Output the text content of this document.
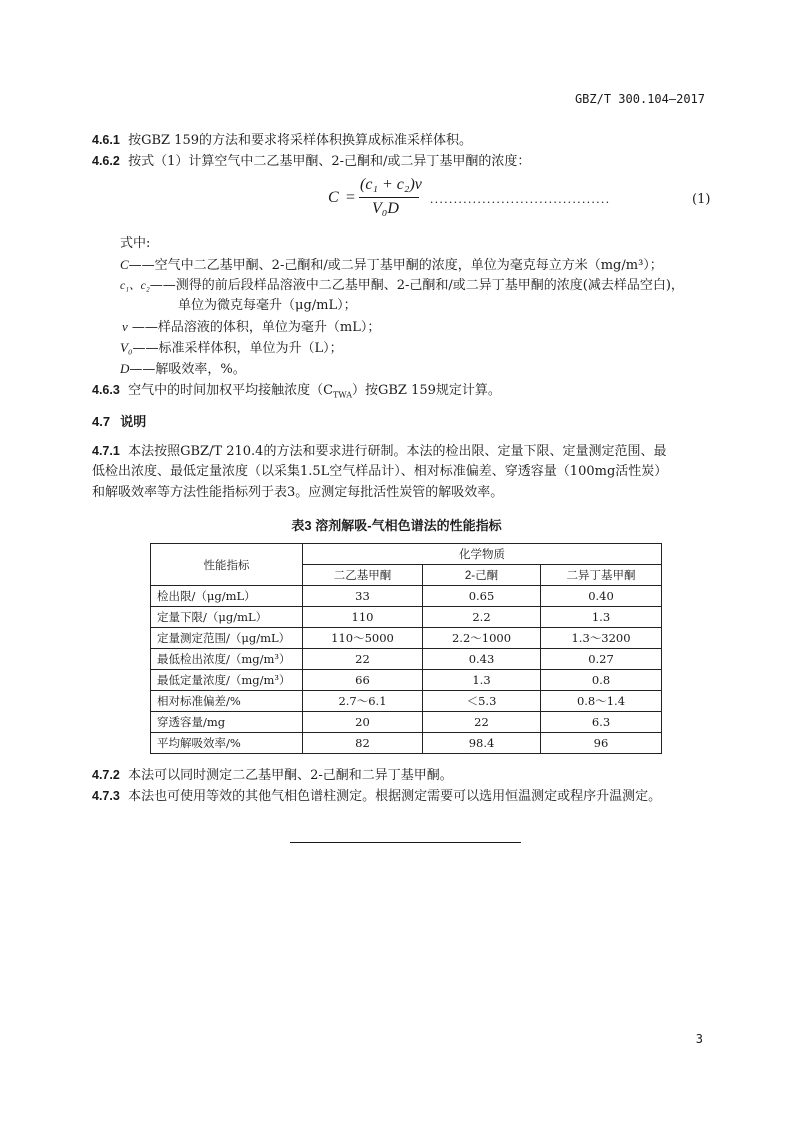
GBZ/T 300.104—2017
4.6.1 按GBZ 159的方法和要求将采样体积换算成标准采样体积。
4.6.2 按式（1）计算空气中二乙基甲酮、2-己酮和/或二异丁基甲酮的浓度：
C =
(c₁ + c₂)v
V₀D
......................................	(1)
式中:
C——空气中二乙基甲酮、2-己酮和/或二异丁基甲酮的浓度，单位为毫克每立方米（mg/m³）；
c₁、c₂——测得的前后段样品溶液中二乙基甲酮、2-己酮和/或二异丁基甲酮的浓度(减去样品空白)，
单位为微克每毫升（μg/mL）；
v ——样品溶液的体积，单位为毫升（mL）；
V₀——标准采样体积，单位为升（L）；
D——解吸效率，%。
4.6.3 空气中的时间加权平均接触浓度$(C_{TWA})$按GBZ 159规定计算。
4.7 说明
4.7.1 本法按照GBZ/T 210.4的方法和要求进行研制。本法的检出限、定量下限、定量测定范围、最
低检出浓度、最低定量浓度（以采集1.5L空气样品计）、相对标准偏差、穿透容量（100mg活性炭）
和解吸效率等方法性能指标列于表3。应测定每批活性炭管的解吸效率。
表3 溶剂解吸-气相色谱法的性能指标
性能指标	化学物质		
	二乙基甲酮	2-己酮	二异丁基甲酮
检出限/（μg/mL）	33	0.65	0.40
定量下限/（μg/mL）	110	2.2	1.3
定量测定范围/（μg/mL）	110～5000	2.2～1000	1.3～3200
最低检出浓度/（mg/m³）	22	0.43	0.27
最低定量浓度/（mg/m³）	66	1.3	0.8
相对标准偏差/%	2.7～6.1	＜5.3	0.8～1.4
穿透容量/mg	20	22	6.3
平均解吸效率/%	82	98.4	96
4.7.2 本法可以同时测定二乙基甲酮、2-己酮和二异丁基甲酮。
4.7.3 本法也可使用等效的其他气相色谱柱测定。根据测定需要可以选用恒温测定或程序升温测定。
3
